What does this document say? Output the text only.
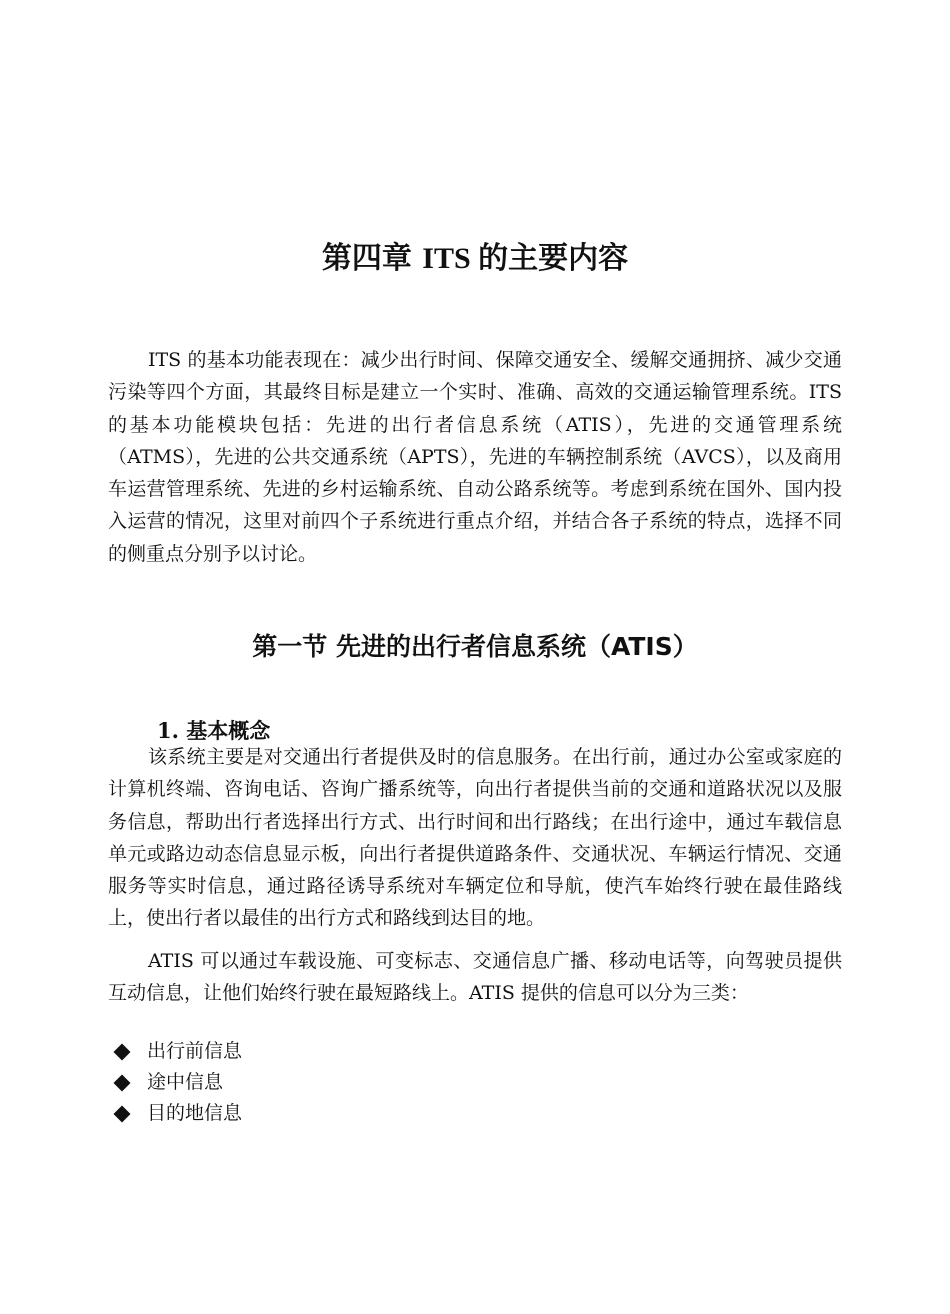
第四章 ITS 的主要内容

ITS 的基本功能表现在：减少出行时间、保障交通安全、缓解交通拥挤、减少交通污染等四个方面，其最终目标是建立一个实时、准确、高效的交通运输管理系统。ITS 的基本功能模块包括：先进的出行者信息系统（ATIS），先进的交通管理系统（ATMS），先进的公共交通系统（APTS），先进的车辆控制系统（AVCS），以及商用车运营管理系统、先进的乡村运输系统、自动公路系统等。考虑到系统在国外、国内投入运营的情况，这里对前四个子系统进行重点介绍，并结合各子系统的特点，选择不同的侧重点分别予以讨论。

第一节 先进的出行者信息系统（ATIS）
1. 基本概念

该系统主要是对交通出行者提供及时的信息服务。在出行前，通过办公室或家庭的计算机终端、咨询电话、咨询广播系统等，向出行者提供当前的交通和道路状况以及服务信息，帮助出行者选择出行方式、出行时间和出行路线；在出行途中，通过车载信息单元或路边动态信息显示板，向出行者提供道路条件、交通状况、车辆运行情况、交通服务等实时信息，通过路径诱导系统对车辆定位和导航，使汽车始终行驶在最佳路线上，使出行者以最佳的出行方式和路线到达目的地。

ATIS 可以通过车载设施、可变标志、交通信息广播、移动电话等，向驾驶员提供互动信息，让他们始终行驶在最短路线上。ATIS 提供的信息可以分为三类：

出行前信息
途中信息
目的地信息
